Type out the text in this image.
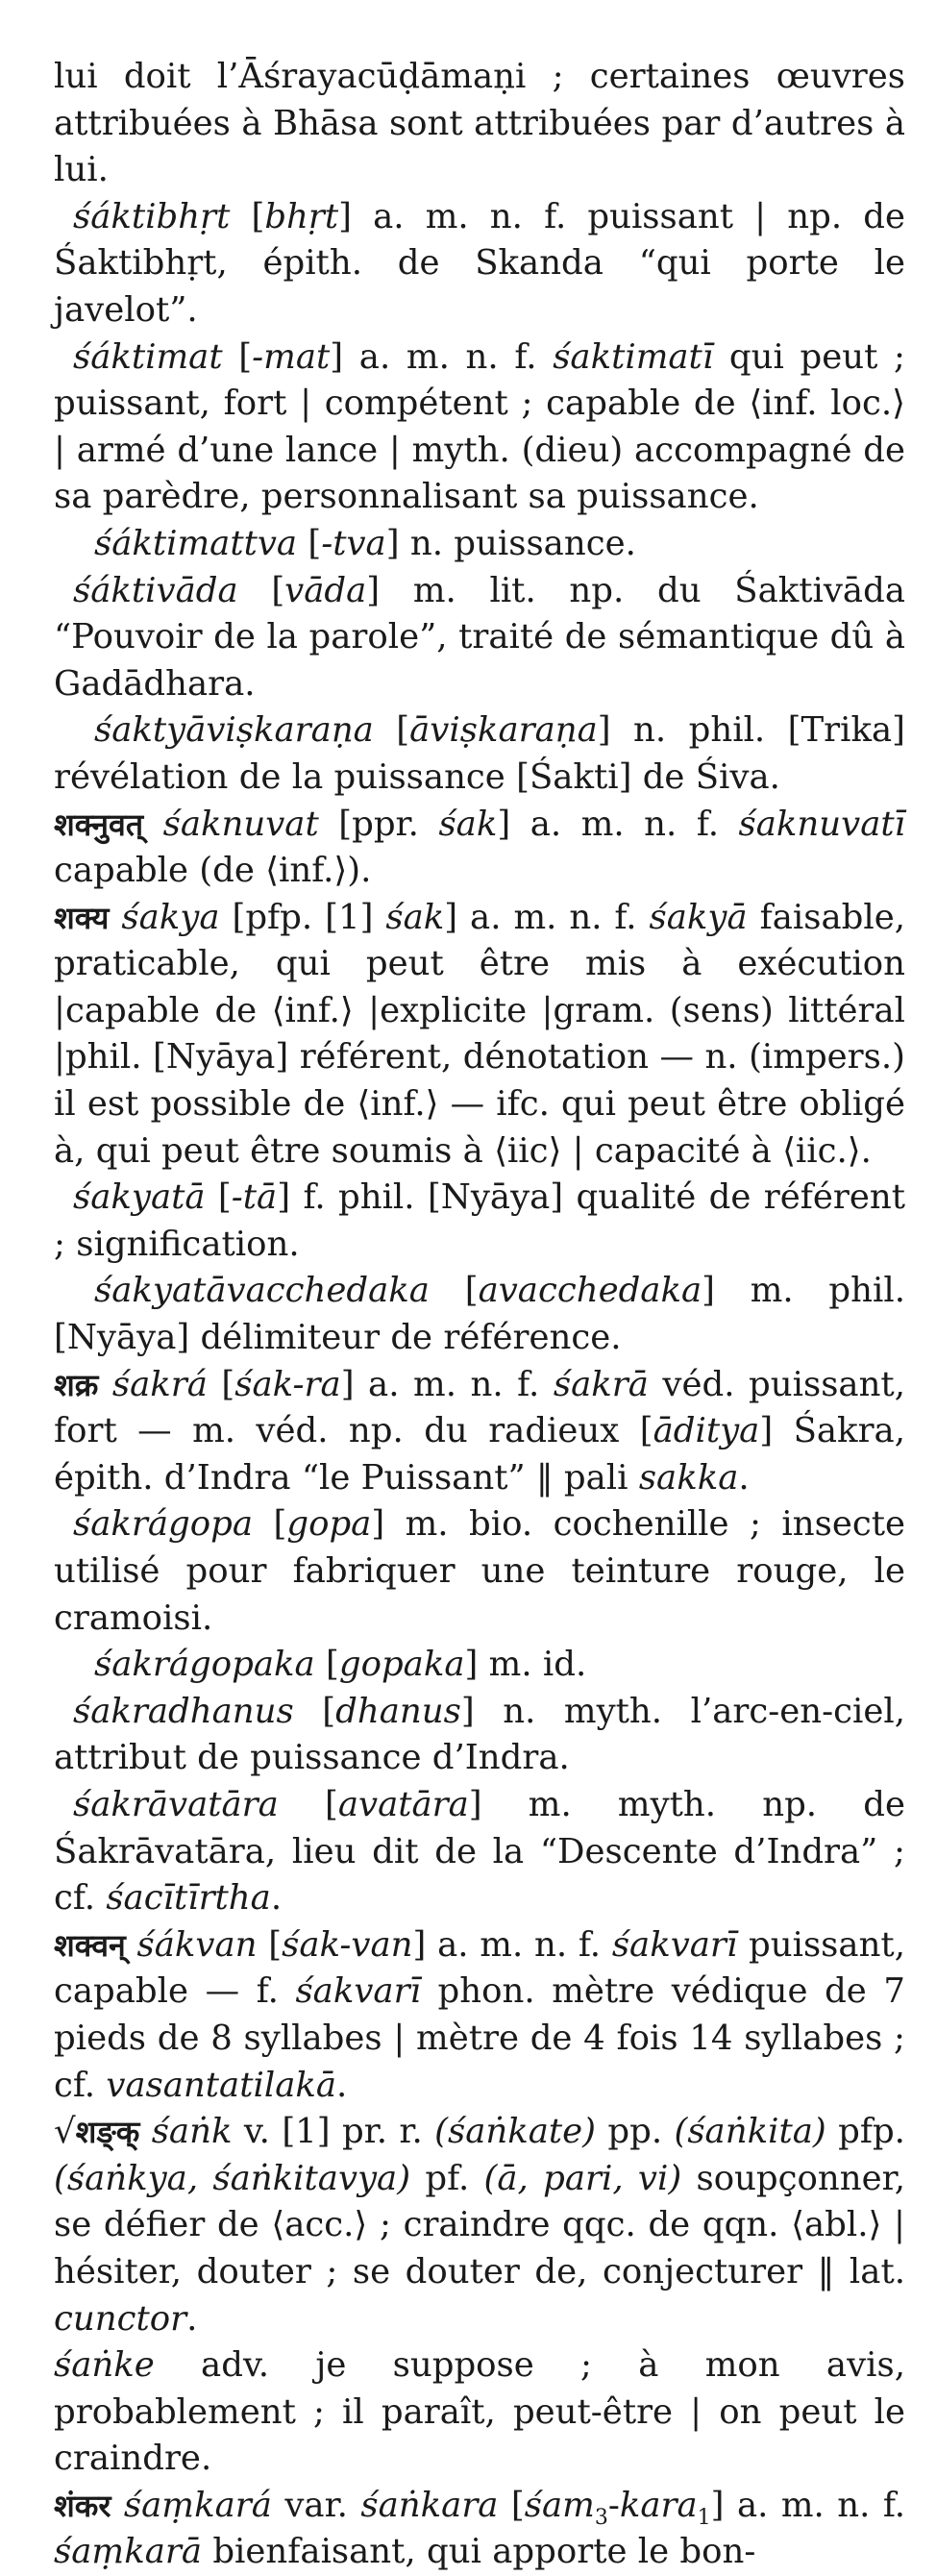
lui doit l’Āśrayacūḍāmaṇi ; certaines œuvres attribuées à Bhāsa sont attribuées par d’autres à lui.

śáktibhṛt [bhṛt] a. m. n. f. puissant | np. de Śaktibhṛt, épith. de Skanda “qui porte le javelot”.

śáktimat [-mat] a. m. n. f. śaktimatī qui peut ; puissant, fort | compétent ; capable de ⟨inf. loc.⟩ | armé d’une lance | myth. (dieu) accompagné de sa parèdre, personnalisant sa puissance.

śáktimattva [-tva] n. puissance.

śáktivāda [vāda] m. lit. np. du Śaktivāda “Pouvoir de la parole”, traité de sémantique dû à Gadādhara.

śaktyāviṣkaraṇa [āviṣkaraṇa] n. phil. [Trika] révélation de la puissance [Śakti] de Śiva.

शक्नुवत् śaknuvat [ppr. śak] a. m. n. f. śaknuvatī capable (de ⟨inf.⟩).

शक्य śakya [pfp. [1] śak] a. m. n. f. śakyā faisable, praticable, qui peut être mis à exécution |capable de ⟨inf.⟩ |explicite |gram. (sens) littéral |phil. [Nyāya] référent, dénotation — n. (impers.) il est possible de ⟨inf.⟩ — ifc. qui peut être obligé à, qui peut être soumis à ⟨iic⟩ | capacité à ⟨iic.⟩.

śakyatā [-tā] f. phil. [Nyāya] qualité de référent ; signification.

śakyatāvacchedaka [avacchedaka] m. phil. [Nyāya] délimiteur de référence.

शक्र śakrá [śak-ra] a. m. n. f. śakrā véd. puissant, fort — m. véd. np. du radieux [āditya] Śakra, épith. d’Indra “le Puissant” ‖ pali sakka.

śakrágopa [gopa] m. bio. cochenille ; insecte utilisé pour fabriquer une teinture rouge, le cramoisi.

śakrágopaka [gopaka] m. id.

śakradhanus [dhanus] n. myth. l’arc-en-ciel, attribut de puissance d’Indra.

śakrāvatāra [avatāra] m. myth. np. de Śakrāvatāra, lieu dit de la “Descente d’Indra” ; cf. śacītīrtha.

शक्वन् śákvan [śak-van] a. m. n. f. śakvarī puissant, capable — f. śakvarī phon. mètre védique de 7 pieds de 8 syllabes | mètre de 4 fois 14 syllabes ; cf. vasantatilakā.

√शङ्क् śaṅk v. [1] pr. r. (śaṅkate) pp. (śaṅkita) pfp. (śaṅkya, śaṅkitavya) pf. (ā, pari, vi) soupçonner, se défier de ⟨acc.⟩ ; craindre qqc. de qqn. ⟨abl.⟩ | hésiter, douter ; se douter de, conjecturer ‖ lat. cunctor.

śaṅke adv. je suppose ; à mon avis, probablement ; il paraît, peut-être | on peut le craindre.

शंकर śaṃkará var. śaṅkara [śam$_3$-kara$_1$] a. m. n. f. śaṃkarā bienfaisant, qui apporte le bon-
